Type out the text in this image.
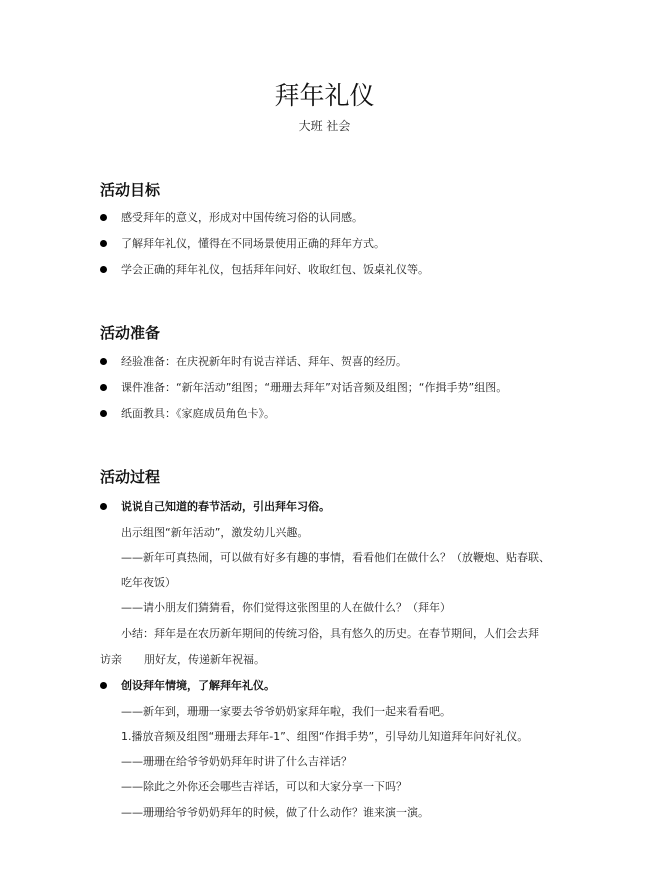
拜年礼仪
大班 社会
活动目标
感受拜年的意义，形成对中国传统习俗的认同感。
了解拜年礼仪，懂得在不同场景使用正确的拜年方式。
学会正确的拜年礼仪，包括拜年问好、收取红包、饭桌礼仪等。
活动准备
经验准备：在庆祝新年时有说吉祥话、拜年、贺喜的经历。
课件准备：“新年活动”组图；“珊珊去拜年”对话音频及组图；“作揖手势”组图。
纸面教具：《家庭成员角色卡》。
活动过程
说说自己知道的春节活动，引出拜年习俗。
出示组图“新年活动”，激发幼儿兴趣。
——新年可真热闹，可以做有好多有趣的事情，看看他们在做什么？（放鞭炮、贴春联、
吃年夜饭）
——请小朋友们猜猜看，你们觉得这张图里的人在做什么？（拜年）
小结：拜年是在农历新年期间的传统习俗，具有悠久的历史。在春节期间，人们会去拜
访亲　　朋好友，传递新年祝福。
创设拜年情境，了解拜年礼仪。
——新年到，珊珊一家要去爷爷奶奶家拜年啦，我们一起来看看吧。
1.播放音频及组图“珊珊去拜年-1”、组图“作揖手势”，引导幼儿知道拜年问好礼仪。
——珊珊在给爷爷奶奶拜年时讲了什么吉祥话？
——除此之外你还会哪些吉祥话，可以和大家分享一下吗？
——珊珊给爷爷奶奶拜年的时候，做了什么动作？谁来演一演。
